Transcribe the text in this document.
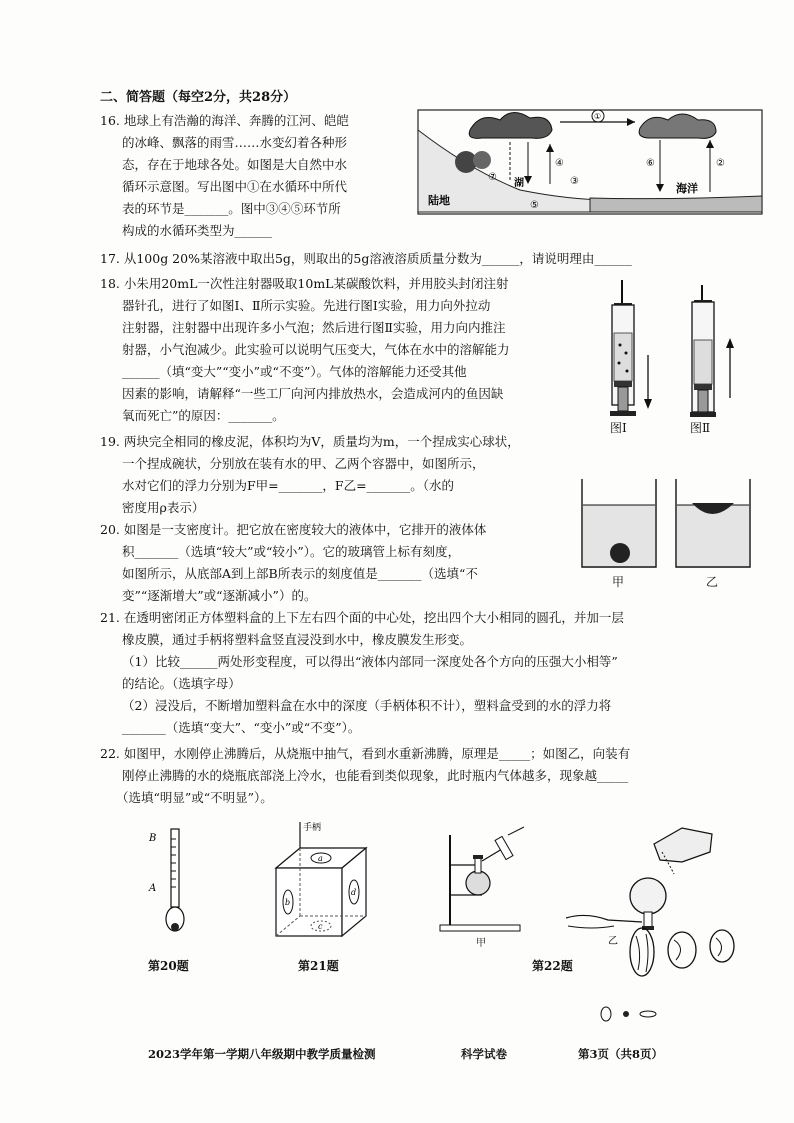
二、简答题（每空2分，共28分）
16. 地球上有浩瀚的海洋、奔腾的江河、皑皑
的冰峰、飘落的雨雪……水变幻着各种形
态，存在于地球各处。如图是大自然中水
循环示意图。写出图中①在水循环中所代
表的环节是_______。图中③④⑤环节所
构成的水循环类型为______
①
⑦
④
③
⑤
⑥	②
湖
陆地
海洋
17. 从100g 20%某溶液中取出5g，则取出的5g溶液溶质质量分数为______，请说明理由______
18. 小朱用20mL一次性注射器吸取10mL某碳酸饮料，并用胶头封闭注射
器针孔，进行了如图Ⅰ、Ⅱ所示实验。先进行图Ⅰ实验，用力向外拉动
注射器，注射器中出现许多小气泡；然后进行图Ⅱ实验，用力向内推注
射器，小气泡减少。此实验可以说明气压变大，气体在水中的溶解能力
______（填“变大”“变小”或“不变”）。气体的溶解能力还受其他
因素的影响，请解释“一些工厂向河内排放热水，会造成河内的鱼因缺
氧而死亡”的原因：_______。
图Ⅰ	图Ⅱ
19. 两块完全相同的橡皮泥，体积均为V，质量均为m，一个捏成实心球状，
一个捏成碗状，分别放在装有水的甲、乙两个容器中，如图所示，
水对它们的浮力分别为F甲=_______，F乙=_______。（水的
密度用ρ表示）
甲	乙
20. 如图是一支密度计。把它放在密度较大的液体中，它排开的液体体
积_______（选填“较大”或“较小”）。它的玻璃管上标有刻度，
如图所示，从底部A到上部B所表示的刻度值是_______（选填“不
变”“逐渐增大”或“逐渐减小”）的。
21. 在透明密闭正方体塑料盒的上下左右四个面的中心处，挖出四个大小相同的圆孔，并加一层
橡皮膜，通过手柄将塑料盒竖直浸没到水中，橡皮膜发生形变。
（1）比较______两处形变程度，可以得出“液体内部同一深度处各个方向的压强大小相等”
的结论。（选填字母）
（2）浸没后，不断增加塑料盒在水中的深度（手柄体积不计），塑料盒受到的水的浮力将
_______（选填“变大”、“变小”或“不变”）。
22. 如图甲，水刚停止沸腾后，从烧瓶中抽气，看到水重新沸腾，原理是_____；如图乙，向装有
刚停止沸腾的水的烧瓶底部浇上冷水，也能看到类似现象，此时瓶内气体越多，现象越_____
（选填“明显”或“不明显”）。
B
A
手柄
a
b
d
c
甲	乙
第20题	第21题	第22题
2023学年第一学期八年级期中教学质量检测	科学试卷	第3页（共8页）
